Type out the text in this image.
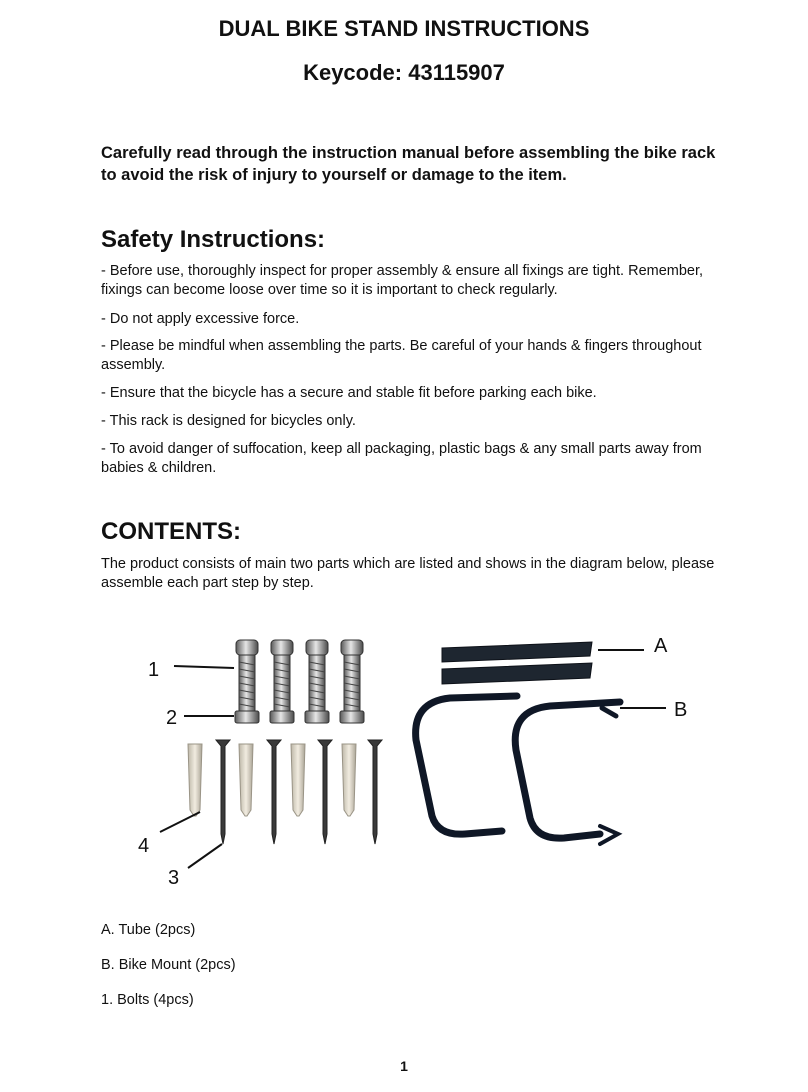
DUAL BIKE STAND INSTRUCTIONS
Keycode: 43115907
Carefully read through the instruction manual before assembling the bike rack to avoid the risk of injury to yourself or damage to the item.
Safety Instructions:
- Before use, thoroughly inspect for proper assembly & ensure all fixings are tight. Remember, fixings can become loose over time so it is important to check regularly.
- Do not apply excessive force.
- Please be mindful when assembling the parts. Be careful of your hands & fingers throughout assembly.
- Ensure that the bicycle has a secure and stable fit before parking each bike.
- This rack is designed for bicycles only.
- To avoid danger of suffocation, keep all packaging, plastic bags & any small parts away from babies & children.
CONTENTS:
The product consists of main two parts which are listed and shows in the diagram below, please assemble each part step by step.
A
B
1
2
3
4
A. Tube (2pcs)
B. Bike Mount (2pcs)
1. Bolts (4pcs)
1
